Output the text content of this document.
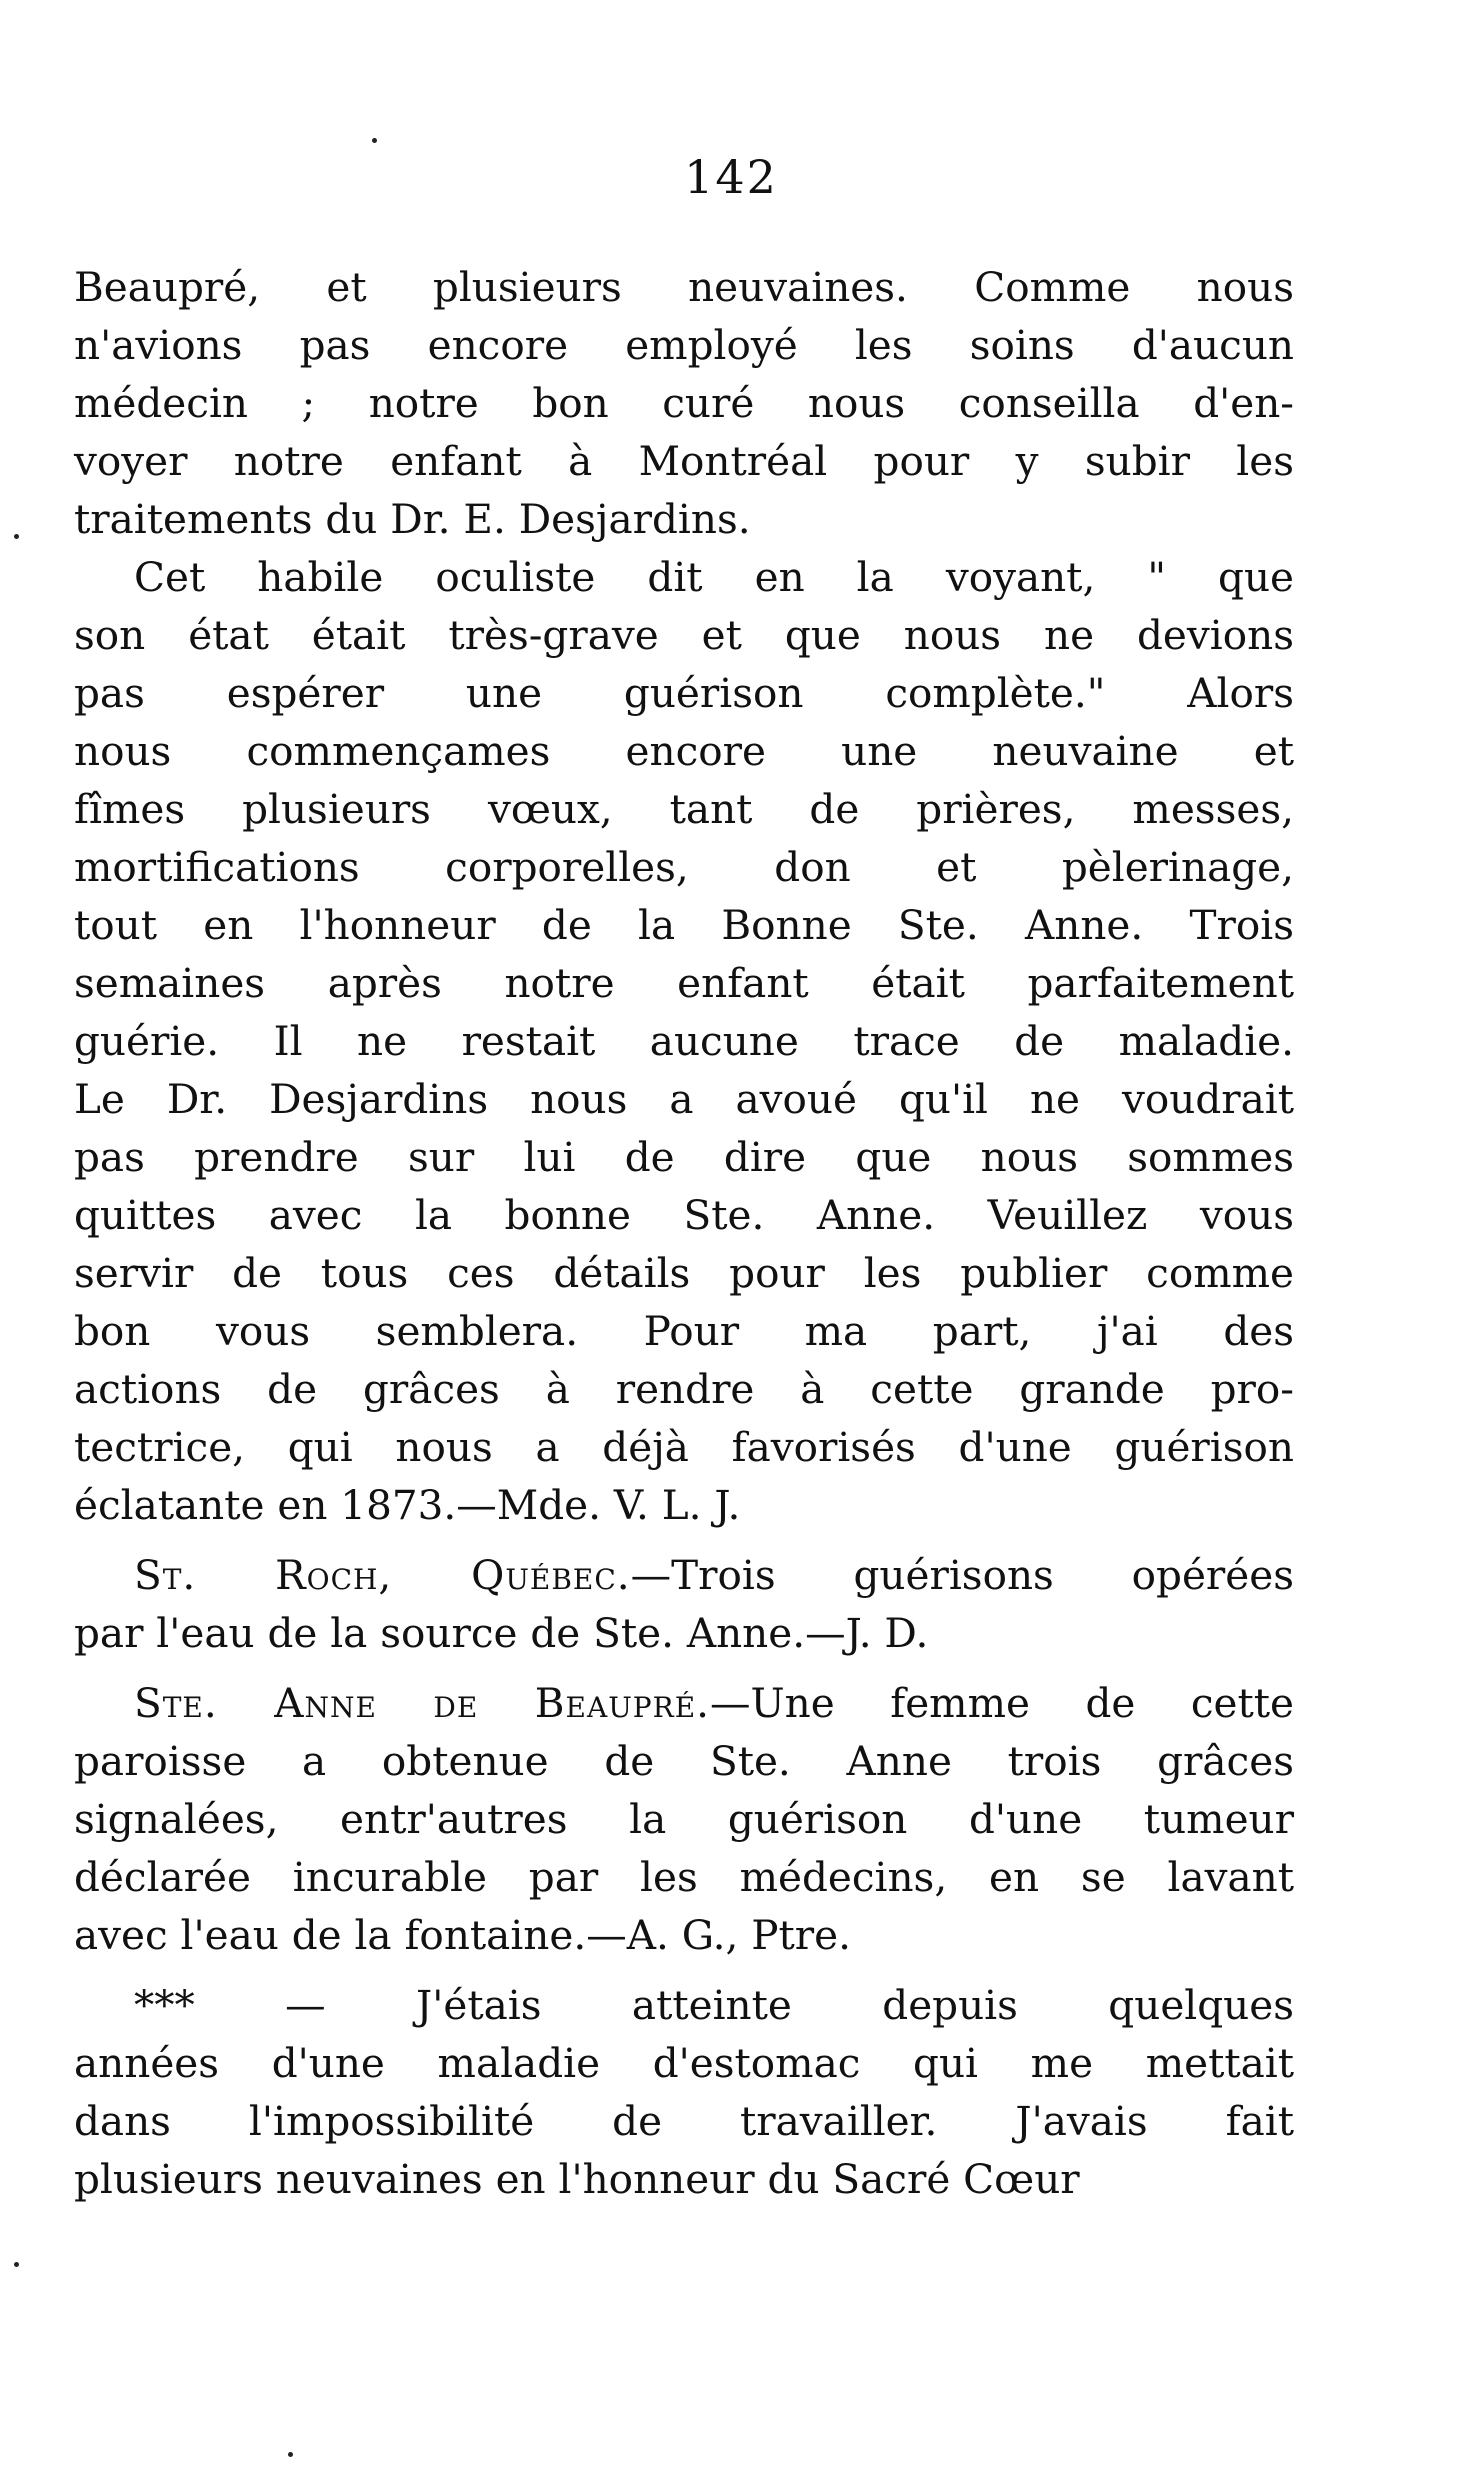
142

Beaupré, et plusieurs neuvaines. Comme nous
n'avions pas encore employé les soins d'aucun
médecin ; notre bon curé nous conseilla d'en-
voyer notre enfant à Montréal pour y subir les
traitements du Dr. E. Desjardins.

Cet habile oculiste dit en la voyant, " que
son état était très-grave et que nous ne devions
pas espérer une guérison complète." Alors
nous commençames encore une neuvaine et
fîmes plusieurs vœux, tant de prières, messes,
mortifications corporelles, don et pèlerinage,
tout en l'honneur de la Bonne Ste. Anne. Trois
semaines après notre enfant était parfaitement
guérie. Il ne restait aucune trace de maladie.
Le Dr. Desjardins nous a avoué qu'il ne voudrait
pas prendre sur lui de dire que nous sommes
quittes avec la bonne Ste. Anne. Veuillez vous
servir de tous ces détails pour les publier comme
bon vous semblera. Pour ma part, j'ai des
actions de grâces à rendre à cette grande pro-
tectrice, qui nous a déjà favorisés d'une guérison
éclatante en 1873.—Mde. V. L. J.

St. Roch, Québec.—Trois guérisons opérées
par l'eau de la source de Ste. Anne.—J. D.

Ste. Anne de Beaupré.—Une femme de cette
paroisse a obtenue de Ste. Anne trois grâces
signalées, entr'autres la guérison d'une tumeur
déclarée incurable par les médecins, en se lavant
avec l'eau de la fontaine.—A. G., Ptre.

*** — J'étais atteinte depuis quelques
années d'une maladie d'estomac qui me mettait
dans l'impossibilité de travailler. J'avais fait
plusieurs neuvaines en l'honneur du Sacré Cœur
